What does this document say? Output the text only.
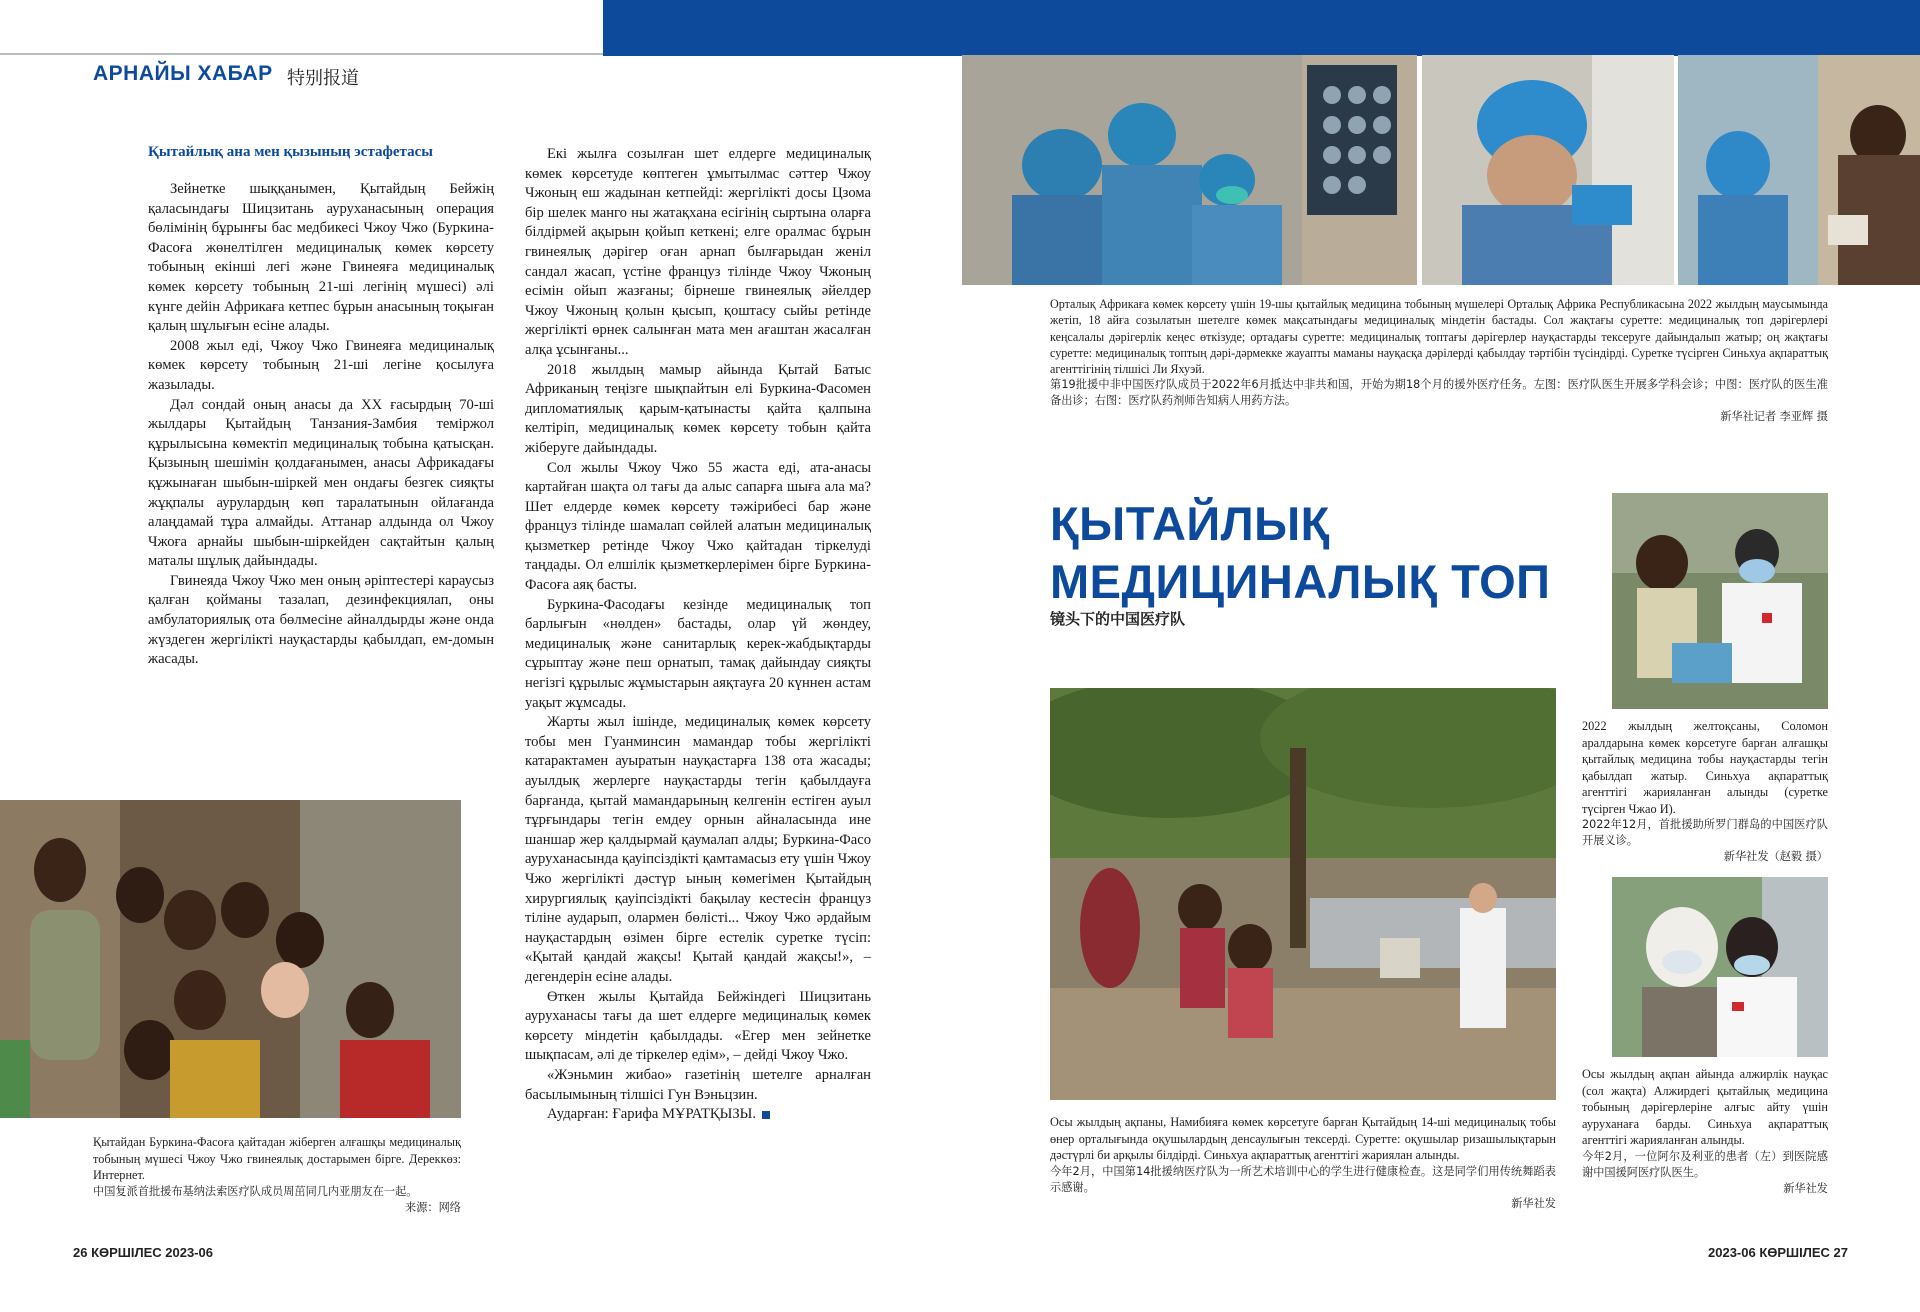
АРНАЙЫ ХАБАР 特别报道
Қытайлық ана мен қызының эстафетасы

Зейнетке шыққанымен, Қытайдың Бейжің қаласындағы Шицзитань ауруханасының операция бөлімінің бұрынғы бас медбикесі Чжоу Чжо (Буркина-Фасоға жөнелтілген медициналық көмек көрсету тобының екінші легі және Гвинеяға медициналық көмек көрсету тобының 21-ші легінің мүшесі) әлі күнге дейін Африкаға кетпес бұрын анасының тоқыған қалың шұлығын есіне алады.

2008 жыл еді, Чжоу Чжо Гвинеяға медициналық көмек көрсету тобының 21-ші легіне қосылуға жазылады.

Дәл сондай оның анасы да ХХ ғасырдың 70-ші жылдары Қытайдың Танзания-Замбия теміржол құрылысына көмектіп медициналық тобына қатысқан. Қызының шешімін қолдағанымен, анасы Африкадағы құжынаған шыбын-шіркей мен ондағы безгек сияқты жұқпалы аурулардың көп таралатынын ойлағанда алаңдамай тұра алмайды. Аттанар алдында ол Чжоу Чжоға арнайы шыбын-шіркейден сақтайтын қалың маталы шұлық дайындады.

Гвинеяда Чжоу Чжо мен оның әріптестері караусыз қалған қойманы тазалап, дезинфекциялап, оны амбулаториялық ота бөлмесіне айналдырды және онда жүздеген жергілікті науқастарды қабылдап, ем-домын жасады.

Екі жылға созылған шет елдерге медициналық көмек көрсетуде көптеген ұмытылмас сәттер Чжоу Чжоның еш жадынан кетпейді: жергілікті досы Цзома бір шелек манго ны жатақхана есігінің сыртына оларға білдірмей ақырын қойып кеткені; елге оралмас бұрын гвинеялық дәрігер оған арнап былғарыдан женіл сандал жасап, үстіне француз тілінде Чжоу Чжоның есімін ойып жазғаны; бірнеше гвинеялық әйелдер Чжоу Чжоның қолын қысып, қоштасу сыйы ретінде жергілікті өрнек салынған мата мен ағаштан жасалған алқа ұсынғаны...

2018 жылдың мамыр айында Қытай Батыс Африканың теңізге шықпайтын елі Буркина-Фасомен дипломатиялық қарым-қатынасты қайта қалпына келтіріп, медициналық көмек көрсету тобын қайта жіберуге дайындады.

Сол жылы Чжоу Чжо 55 жаста еді, ата-анасы картайған шақта ол тағы да алыс сапарға шыға ала ма? Шет елдерде көмек көрсету тәжірибесі бар және француз тілінде шамалап сөйлей алатын медициналық қызметкер ретінде Чжоу Чжо қайтадан тіркелуді таңдады. Ол елшілік қызметкерлерімен бірге Буркина-Фасоға аяқ басты.

Буркина-Фасодағы кезінде медициналық топ барлығын «нөлден» бастады, олар үй жөндеу, медициналық және санитарлық керек-жабдықтарды сұрыптау және пеш орнатып, тамақ дайындау сияқты негізгі құрылыс жұмыстарын аяқтауға 20 күннен астам уақыт жұмсады.

Жарты жыл ішінде, медициналық көмек көрсету тобы мен Гуанминсин мамандар тобы жергілікті катарактамен ауыратын науқастарға 138 ота жасады; ауылдық жерлерге науқастарды тегін қабылдауға барғанда, қытай мамандарының келгенін естіген ауыл тұрғындары тегін емдеу орнын айналасында ине шаншар жер қалдырмай қаумалап алды; Буркина-Фасо ауруханасында қауіпсіздікті қамтамасыз ету үшін Чжоу Чжо жергілікті дәстүр ының көмегімен Қытайдың хирургиялық қауіпсіздікті бақылау кестесін француз тіліне аударып, олармен бөлісті... Чжоу Чжо әрдайым науқастардың өзімен бірге естелік суретке түсіп: «Қытай қандай жақсы! Қытай қандай жақсы!», – дегендерін есіне алады.

Өткен жылы Қытайда Бейжіндегі Шицзитань ауруханасы тағы да шет елдерге медициналық көмек көрсету міндетін қабылдады. «Егер мен зейнетке шықпасам, әлі де тіркелер едім», – дейді Чжоу Чжо.

«Жэньмин жибао» газетінің шетелге арналған басылымының тілшісі Гун Вэньцзин.

Аударған: Ғарифа МҰРАТҚЫЗЫ.

Қытайдан Буркина-Фасоға қайтадан жіберген алғашқы медициналық тобының мүшесі Чжоу Чжо гвинеялық достарымен бірге. Дереккөз: Интернет.
中国复派首批援布基纳法索医疗队成员周茁同几内亚朋友在一起。
来源：网络
Орталық Африкаға көмек көрсету үшін 19-шы қытайлық медицина тобының мүшелері Орталық Африка Республикасына 2022 жылдың маусымында жетіп, 18 айға созылатын шетелге көмек мақсатындағы медициналық міндетін бастады. Сол жақтағы суретте: медициналық топ дәрігерлері кеңсалалы дәрігерлік кеңес өткізуде; ортадағы суретте: медициналық топтағы дәрігерлер науқастарды тексеруге дайындалып жатыр; оң жақтағы суретте: медициналық топтың дәрі-дәрмекке жауапты маманы науқасқа дәрілерді қабылдау тәртібін түсіндірді. Суретке түсірген Синьхуа ақпараттық агенттігінің тілшісі Ли Яхуэй.
第19批援中非中国医疗队成员于2022年6月抵达中非共和国，开始为期18个月的援外医疗任务。左图：医疗队医生开展多学科会诊；中图：医疗队的医生准备出诊；右图：医疗队药剂师告知病人用药方法。
新华社记者 李亚辉 摄
ҚЫТАЙЛЫҚ
МЕДИЦИНАЛЫҚ ТОП
镜头下的中国医疗队
Осы жылдың ақпаны, Намибияға көмек көрсетуге барған Қытайдың 14-ші медициналық тобы өнер орталығында оқушылардың денсаулығын тексерді. Суретте: оқушылар ризашылықтарын дәстүрлі би арқылы білдірді. Синьхуа ақпараттық агенттігі жариялан алынды.
今年2月，中国第14批援纳医疗队为一所艺术培训中心的学生进行健康检查。这是同学们用传统舞蹈表示感谢。
新华社发
2022 жылдың желтоқсаны, Соломон аралдарына көмек көрсетуге барған алғашқы қытайлық медицина тобы науқастарды тегін қабылдап жатыр. Синьхуа ақпараттық агенттігі жарияланған алынды (суретке түсірген Чжао И).
2022年12月，首批援助所罗门群岛的中国医疗队开展义诊。
新华社发（赵毅 摄）
Осы жылдың ақпан айында алжирлік науқас (сол жақта) Алжирдегі қытайлық медицина тобының дәрігерлеріне алғыс айту үшін ауруханаға барды. Синьхуа ақпараттық агенттігі жарияланған алынды.
今年2月，一位阿尔及利亚的患者（左）到医院感谢中国援阿医疗队医生。
新华社发
26 КӨРШІЛЕС 2023-06	2023-06 КӨРШІЛЕС 27
